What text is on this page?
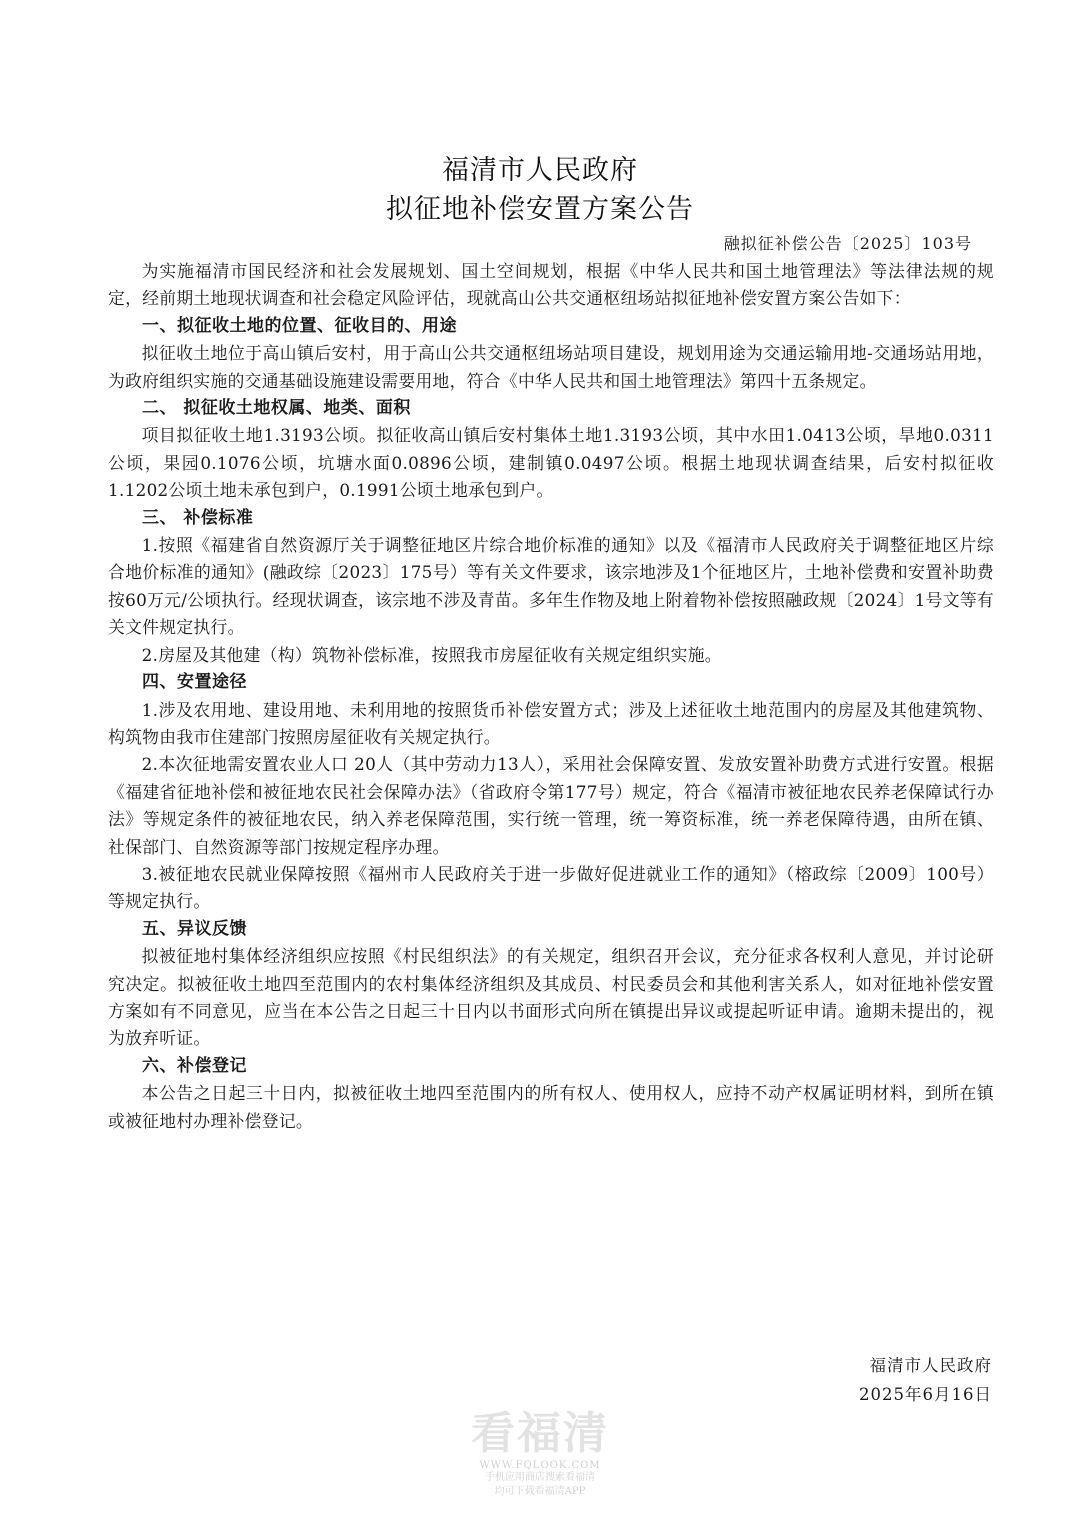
福清市人民政府
拟征地补偿安置方案公告
融拟征补偿公告〔2025〕103号

为实施福清市国民经济和社会发展规划、国土空间规划，根据《中华人民共和国土地管理法》等法律法规的规定，经前期土地现状调查和社会稳定风险评估，现就高山公共交通枢纽场站拟征地补偿安置方案公告如下：

一、拟征收土地的位置、征收目的、用途

拟征收土地位于高山镇后安村，用于高山公共交通枢纽场站项目建设，规划用途为交通运输用地-交通场站用地，为政府组织实施的交通基础设施建设需要用地，符合《中华人民共和国土地管理法》第四十五条规定。

二、 拟征收土地权属、地类、面积

项目拟征收土地1.3193公顷。拟征收高山镇后安村集体土地1.3193公顷，其中水田1.0413公顷，旱地0.0311公顷，果园0.1076公顷，坑塘水面0.0896公顷，建制镇0.0497公顷。根据土地现状调查结果，后安村拟征收1.1202公顷土地未承包到户，0.1991公顷土地承包到户。

三、 补偿标准

1.按照《福建省自然资源厅关于调整征地区片综合地价标准的通知》以及《福清市人民政府关于调整征地区片综合地价标准的通知》(融政综〔2023〕175号）等有关文件要求，该宗地涉及1个征地区片，土地补偿费和安置补助费按60万元/公顷执行。经现状调查，该宗地不涉及青苗。多年生作物及地上附着物补偿按照融政规〔2024〕1号文等有关文件规定执行。

2.房屋及其他建（构）筑物补偿标准，按照我市房屋征收有关规定组织实施。

四、安置途径

1.涉及农用地、建设用地、未利用地的按照货币补偿安置方式；涉及上述征收土地范围内的房屋及其他建筑物、构筑物由我市住建部门按照房屋征收有关规定执行。

2.本次征地需安置农业人口 20人（其中劳动力13人），采用社会保障安置、发放安置补助费方式进行安置。根据《福建省征地补偿和被征地农民社会保障办法》（省政府令第177号）规定，符合《福清市被征地农民养老保障试行办法》等规定条件的被征地农民，纳入养老保障范围，实行统一管理，统一筹资标准，统一养老保障待遇，由所在镇、社保部门、自然资源等部门按规定程序办理。

3.被征地农民就业保障按照《福州市人民政府关于进一步做好促进就业工作的通知》（榕政综〔2009〕100号）等规定执行。

五、异议反馈

拟被征地村集体经济组织应按照《村民组织法》的有关规定，组织召开会议，充分征求各权利人意见，并讨论研究决定。拟被征收土地四至范围内的农村集体经济组织及其成员、村民委员会和其他利害关系人，如对征地补偿安置方案如有不同意见，应当在本公告之日起三十日内以书面形式向所在镇提出异议或提起听证申请。逾期未提出的，视为放弃听证。

六、补偿登记

本公告之日起三十日内，拟被征收土地四至范围内的所有权人、使用权人，应持不动产权属证明材料，到所在镇或被征地村办理补偿登记。

福清市人民政府
2025年6月16日
看福清
WWW.FQLOOK.COM
手机应用商店搜索看福清
均可下载看福清APP
